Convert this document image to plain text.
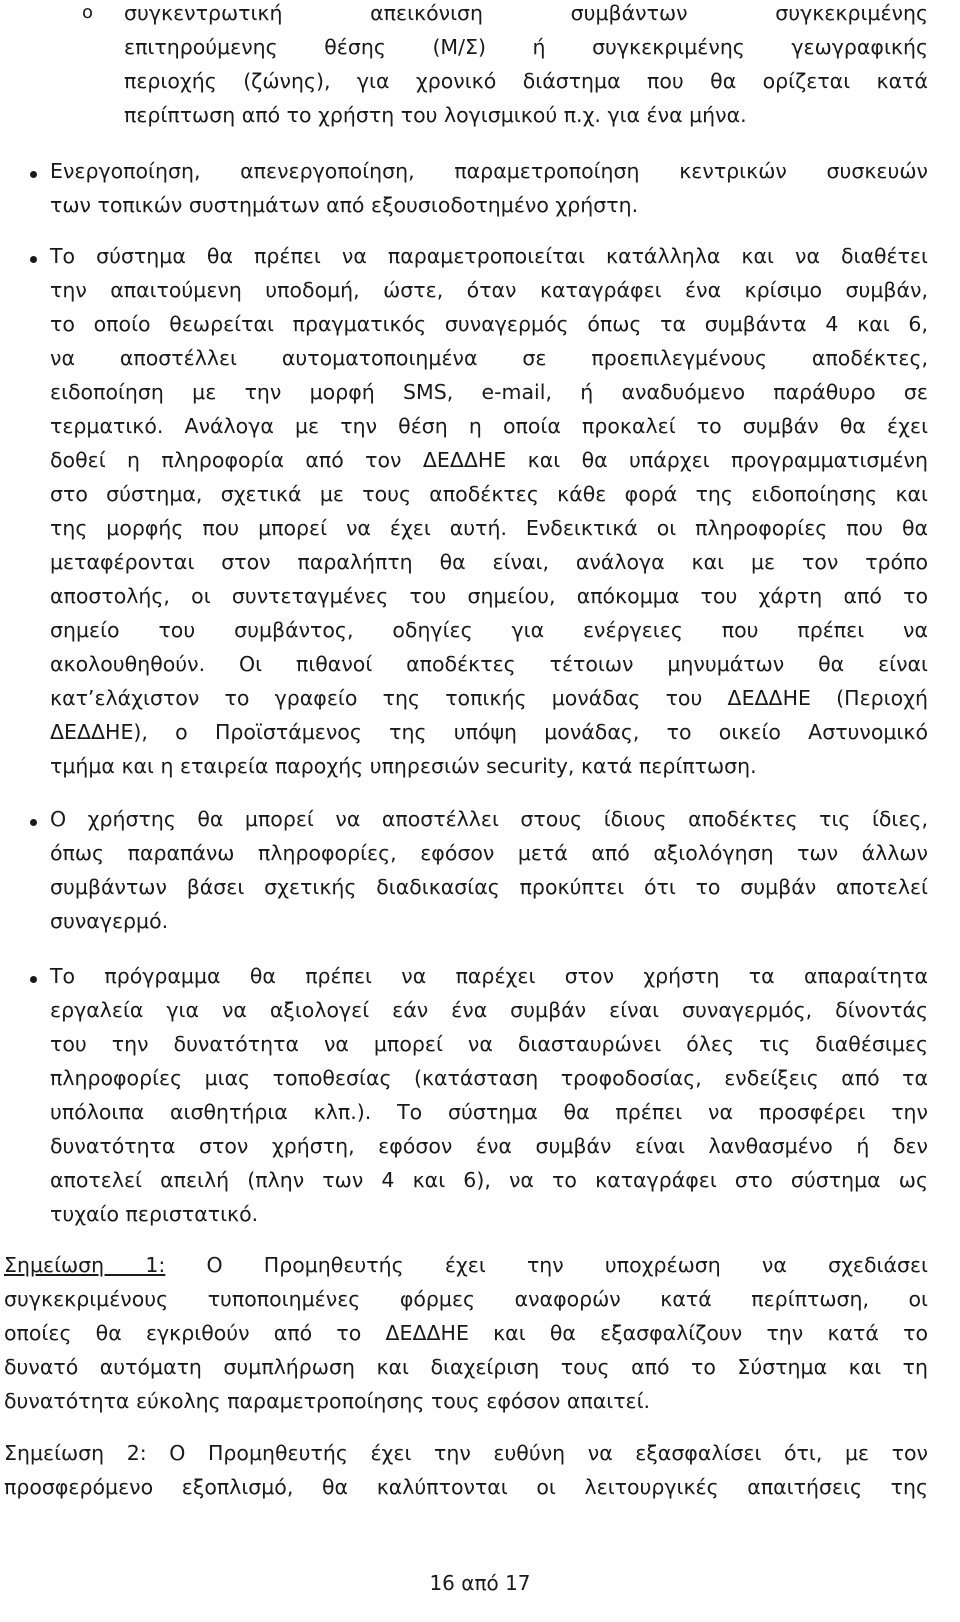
o συγκεντρωτική απεικόνιση συμβάντων συγκεκριμένης
επιτηρούμενης θέσης (Μ/Σ) ή συγκεκριμένης γεωγραφικής
περιοχής (ζώνης), για χρονικό διάστημα που θα ορίζεται κατά
περίπτωση από το χρήστη του λογισμικού π.χ. για ένα μήνα.
Ενεργοποίηση, απενεργοποίηση, παραμετροποίηση κεντρικών συσκευών
των τοπικών συστημάτων από εξουσιοδοτημένο χρήστη.
Το σύστημα θα πρέπει να παραμετροποιείται κατάλληλα και να διαθέτει
την απαιτούμενη υποδομή, ώστε, όταν καταγράφει ένα κρίσιμο συμβάν,
το οποίο θεωρείται πραγματικός συναγερμός όπως τα συμβάντα 4 και 6,
να αποστέλλει αυτοματοποιημένα σε προεπιλεγμένους αποδέκτες,
ειδοποίηση με την μορφή SMS, e-mail, ή αναδυόμενο παράθυρο σε
τερματικό. Ανάλογα με την θέση η οποία προκαλεί το συμβάν θα έχει
δοθεί η πληροφορία από τον ΔΕΔΔΗΕ και θα υπάρχει προγραμματισμένη
στο σύστημα, σχετικά με τους αποδέκτες κάθε φορά της ειδοποίησης και
της μορφής που μπορεί να έχει αυτή. Ενδεικτικά οι πληροφορίες που θα
μεταφέρονται στον παραλήπτη θα είναι, ανάλογα και με τον τρόπο
αποστολής, οι συντεταγμένες του σημείου, απόκομμα του χάρτη από το
σημείο του συμβάντος, οδηγίες για ενέργειες που πρέπει να
ακολουθηθούν. Οι πιθανοί αποδέκτες τέτοιων μηνυμάτων θα είναι
κατ’ελάχιστον το γραφείο της τοπικής μονάδας του ΔΕΔΔΗΕ (Περιοχή
ΔΕΔΔΗΕ), ο Προϊστάμενος της υπόψη μονάδας, το οικείο Αστυνομικό
τμήμα και η εταιρεία παροχής υπηρεσιών security, κατά περίπτωση.
Ο χρήστης θα μπορεί να αποστέλλει στους ίδιους αποδέκτες τις ίδιες,
όπως παραπάνω πληροφορίες, εφόσον μετά από αξιολόγηση των άλλων
συμβάντων βάσει σχετικής διαδικασίας προκύπτει ότι το συμβάν αποτελεί
συναγερμό.
Το πρόγραμμα θα πρέπει να παρέχει στον χρήστη τα απαραίτητα
εργαλεία για να αξιολογεί εάν ένα συμβάν είναι συναγερμός, δίνοντάς
του την δυνατότητα να μπορεί να διασταυρώνει όλες τις διαθέσιμες
πληροφορίες μιας τοποθεσίας (κατάσταση τροφοδοσίας, ενδείξεις από τα
υπόλοιπα αισθητήρια κλπ.). Το σύστημα θα πρέπει να προσφέρει την
δυνατότητα στον χρήστη, εφόσον ένα συμβάν είναι λανθασμένο ή δεν
αποτελεί απειλή (πλην των 4 και 6), να το καταγράφει στο σύστημα ως
τυχαίο περιστατικό.
Σημείωση 1: Ο Προμηθευτής έχει την υποχρέωση να σχεδιάσει
συγκεκριμένους τυποποιημένες φόρμες αναφορών κατά περίπτωση, οι
οποίες θα εγκριθούν από το ΔΕΔΔΗΕ και θα εξασφαλίζουν την κατά το
δυνατό αυτόματη συμπλήρωση και διαχείριση τους από το Σύστημα και τη
δυνατότητα εύκολης παραμετροποίησης τους εφόσον απαιτεί.
Σημείωση 2: Ο Προμηθευτής έχει την ευθύνη να εξασφαλίσει ότι, με τον
προσφερόμενο εξοπλισμό, θα καλύπτονται οι λειτουργικές απαιτήσεις της
16 από 17
